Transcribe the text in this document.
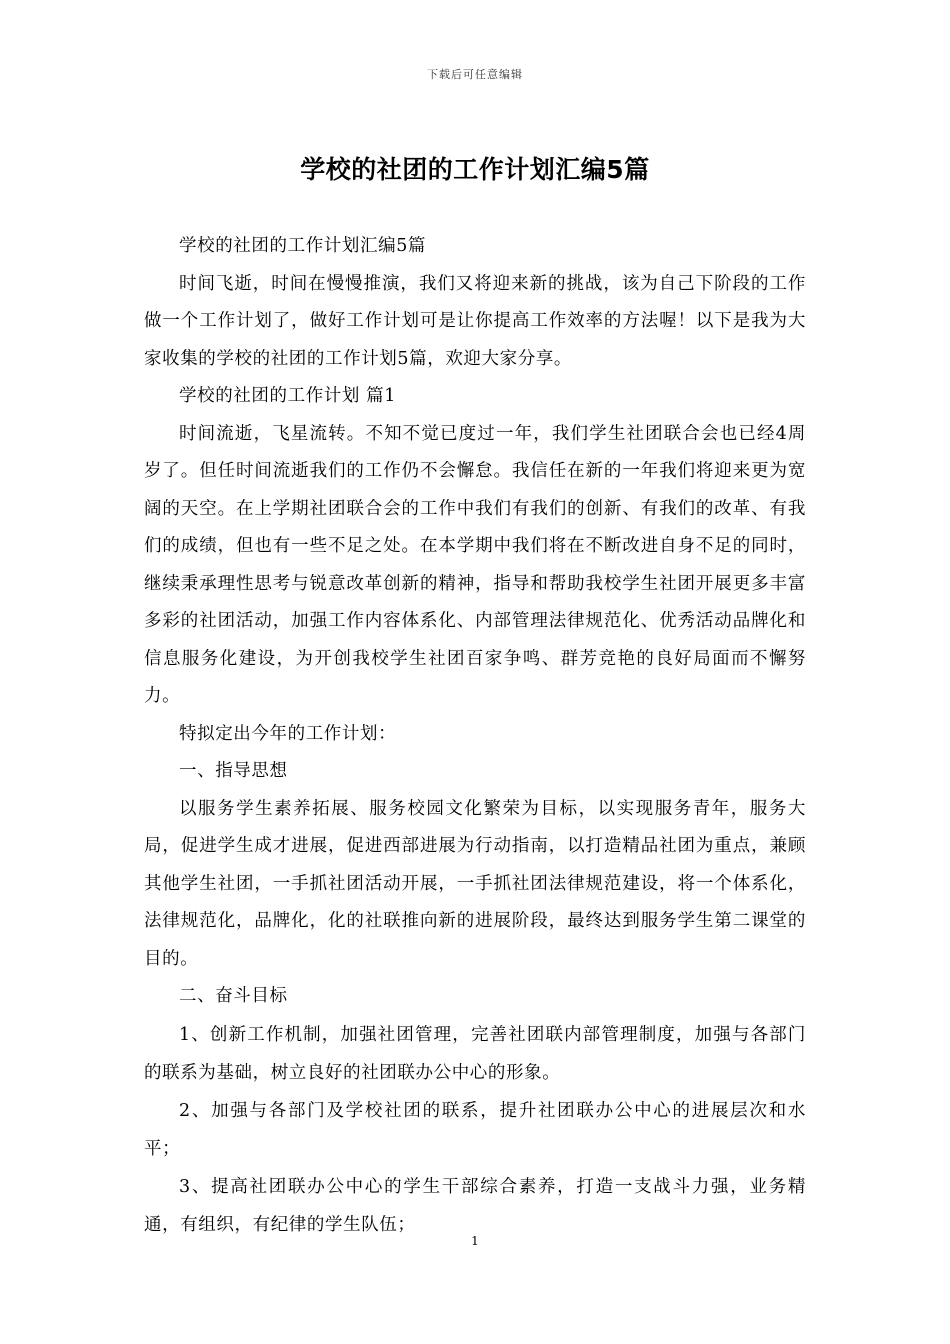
下载后可任意编辑
学校的社团的工作计划汇编5篇

学校的社团的工作计划汇编5篇

时间飞逝，时间在慢慢推演，我们又将迎来新的挑战，该为自己下阶段的工作做一个工作计划了，做好工作计划可是让你提高工作效率的方法喔！以下是我为大家收集的学校的社团的工作计划5篇，欢迎大家分享。

学校的社团的工作计划 篇1

时间流逝，飞星流转。不知不觉已度过一年，我们学生社团联合会也已经4周岁了。但任时间流逝我们的工作仍不会懈怠。我信任在新的一年我们将迎来更为宽阔的天空。在上学期社团联合会的工作中我们有我们的创新、有我们的改革、有我们的成绩，但也有一些不足之处。在本学期中我们将在不断改进自身不足的同时，继续秉承理性思考与锐意改革创新的精神，指导和帮助我校学生社团开展更多丰富多彩的社团活动，加强工作内容体系化、内部管理法律规范化、优秀活动品牌化和信息服务化建设，为开创我校学生社团百家争鸣、群芳竞艳的良好局面而不懈努力。

特拟定出今年的工作计划：

一、指导思想

以服务学生素养拓展、服务校园文化繁荣为目标，以实现服务青年，服务大局，促进学生成才进展，促进西部进展为行动指南，以打造精品社团为重点，兼顾其他学生社团，一手抓社团活动开展，一手抓社团法律规范建设，将一个体系化，法律规范化，品牌化，化的社联推向新的进展阶段，最终达到服务学生第二课堂的目的。

二、奋斗目标

1、创新工作机制，加强社团管理，完善社团联内部管理制度，加强与各部门的联系为基础，树立良好的社团联办公中心的形象。

2、加强与各部门及学校社团的联系，提升社团联办公中心的进展层次和水平；

3、提高社团联办公中心的学生干部综合素养，打造一支战斗力强，业务精通，有组织，有纪律的学生队伍；

1
